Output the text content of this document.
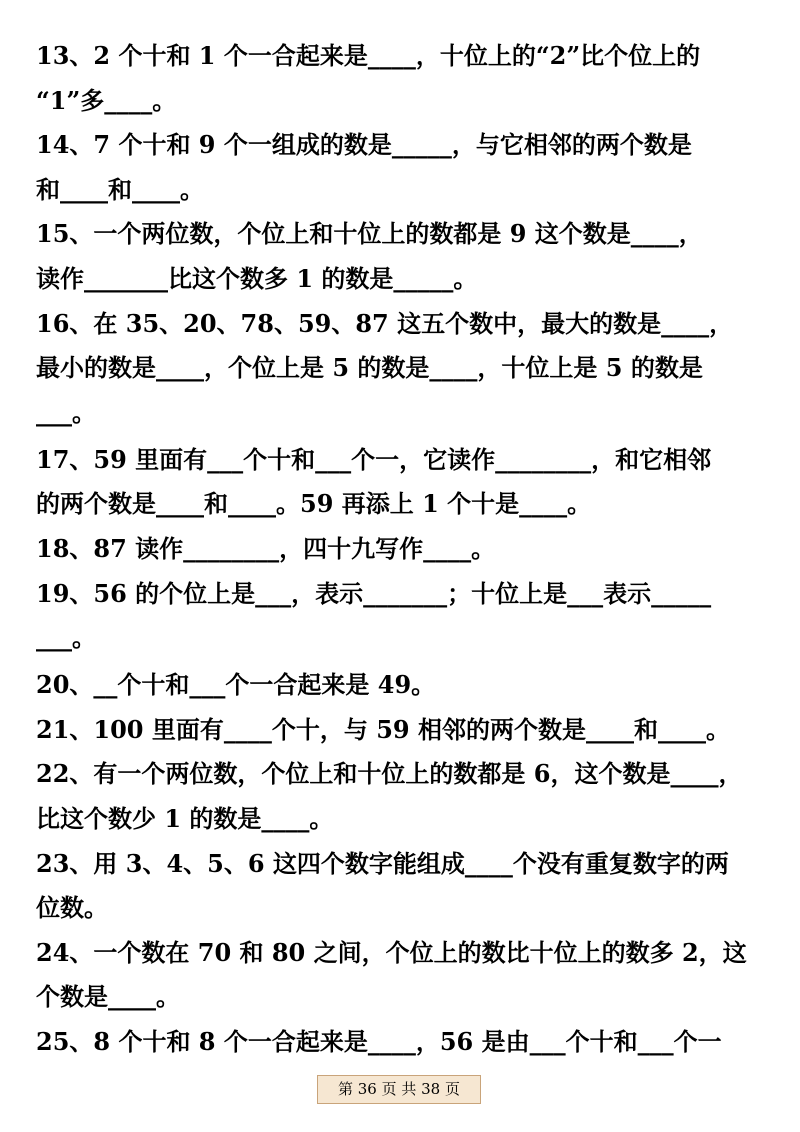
13、2 个十和 1 个一合起来是____，十位上的“2”比个位上的
“1”多____。
14、7 个十和 9 个一组成的数是_____，与它相邻的两个数是
和____和____。
15、一个两位数，个位上和十位上的数都是 9 这个数是____，
读作_______比这个数多 1 的数是_____。
16、在 35、20、78、59、87 这五个数中，最大的数是____，
最小的数是____，个位上是 5 的数是____，十位上是 5 的数是
___。
17、59 里面有___个十和___个一，它读作________，和它相邻
的两个数是____和____。59 再添上 1 个十是____。
18、87 读作________，四十九写作____。
19、56 的个位上是___，表示_______；十位上是___表示_____
___。
20、__个十和___个一合起来是 49。
21、100 里面有____个十，与 59 相邻的两个数是____和____。
22、有一个两位数，个位上和十位上的数都是 6，这个数是____，
比这个数少 1 的数是____。
23、用 3、4、5、6 这四个数字能组成____个没有重复数字的两
位数。
24、一个数在 70 和 80 之间，个位上的数比十位上的数多 2，这
个数是____。
25、8 个十和 8 个一合起来是____，56 是由___个十和___个一
第 36 页 共 38 页
